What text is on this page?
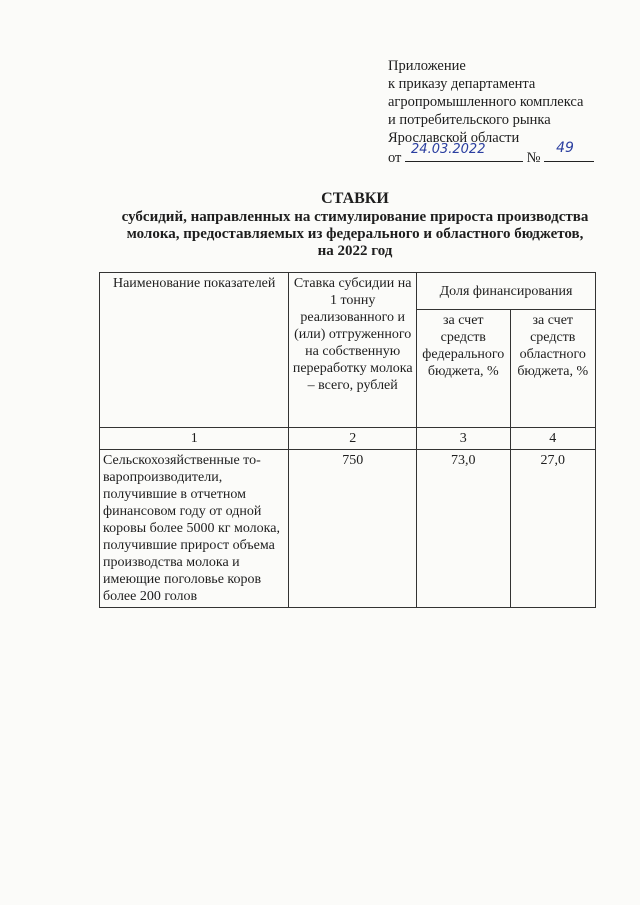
Приложение
к приказу департамента
агропромышленного комплекса
и потребительского рынка
Ярославской области
от
24.03.2022
№
49
СТАВКИ
субсидий, направленных на стимулирование прироста производства
молока, предоставляемых из федерального и областного бюджетов,
на 2022 год
Наименование показателей	Ставка субсидии на 1 тонну реализованного и (или) отгруженного на собственную переработку молока – всего, рублей	Доля финансирования	
		за счет средств федерального бюджета, %	за счет средств областного бюджета, %
1	2	3	4
Сельскохозяйственные то-варопроизводители, получившие в отчетном финансовом году от одной коровы более 5000 кг молока, получившие прирост объема производства молока и имеющие поголовье коров более 200 голов	750	73,0	27,0
